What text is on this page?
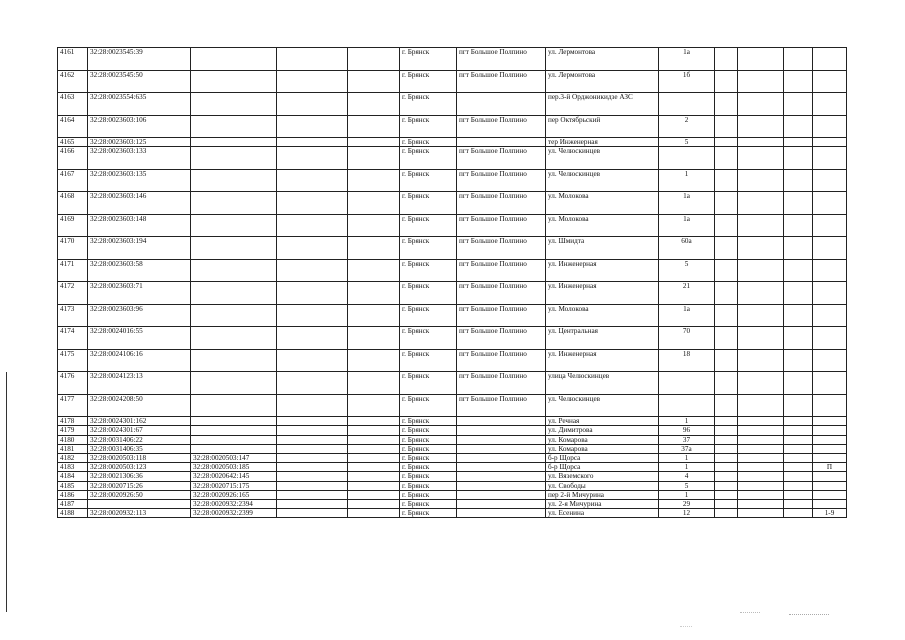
4161	32:28:0023545:39				г. Брянск	пгт Большое Полпино	ул. Лермонтова	1а				
4162	32:28:0023545:50				г. Брянск	пгт Большое Полпино	ул. Лермонтова	1б				
4163	32:28:0023554:635				г. Брянск		пер.3-й Орджоникидзе АЗС					
4164	32:28:0023603:106				г. Брянск	пгт Большое Полпино	пер Октябрьский	2				
4165	32:28:0023603:125				г. Брянск		тер Инженерная	5				
4166	32:28:0023603:133				г. Брянск	пгт Большое Полпино	ул. Челюскинцев					
4167	32:28:0023603:135				г. Брянск	пгт Большое Полпино	ул. Челюскинцев	1				
4168	32:28:0023603:146				г. Брянск	пгт Большое Полпино	ул. Молокова	1а				
4169	32:28:0023603:148				г. Брянск	пгт Большое Полпино	ул. Молокова	1а				
4170	32:28:0023603:194				г. Брянск	пгт Большое Полпино	ул. Шмидта	60а				
4171	32:28:0023603:58				г. Брянск	пгт Большое Полпино	ул. Инженерная	5				
4172	32:28:0023603:71				г. Брянск	пгт Большое Полпино	ул. Инженерная	21				
4173	32:28:0023603:96				г. Брянск	пгт Большое Полпино	ул. Молокова	1а				
4174	32:28:0024016:55				г. Брянск	пгт Большое Полпино	ул. Центральная	70				
4175	32:28:0024106:16				г. Брянск	пгт Большое Полпино	ул. Инженерная	18				
4176	32:28:0024123:13				г. Брянск	пгт Большое Полпино	улица Челюскинцев					
4177	32:28:0024208:50				г. Брянск	пгт Большое Полпино	ул. Челюскинцев					
4178	32:28:0024301:162				г. Брянск		ул. Речная	1				
4179	32:28:0024301:67				г. Брянск		ул. Димитрова	96				
4180	32:28:0031406:22				г. Брянск		ул. Комарова	37				
4181	32:28:0031406:35				г. Брянск		ул. Комарова	37а				
4182	32:28:0020503:118	32:28:0020503:147			г. Брянск		б-р Щорса	1				
4183	32:28:0020503:123	32:28:0020503:185			г. Брянск		б-р Щорса	1				П
4184	32:28:0021306:36	32:28:0020642:145			г. Брянск		ул. Вяземского	4				
4185	32:28:0020715:26	32:28:0020715:175			г. Брянск		ул. Свободы	5				
4186	32:28:0020926:50	32:28:0020926:165			г. Брянск		пер 2-й Мичурина	1				
4187		32:28:0020932:2394			г. Брянск		ул. 2-я Мичурина	29				
4188	32:28:0020932:113	32:28:0020932:2399			г. Брянск		ул. Есенина	12				1-9
